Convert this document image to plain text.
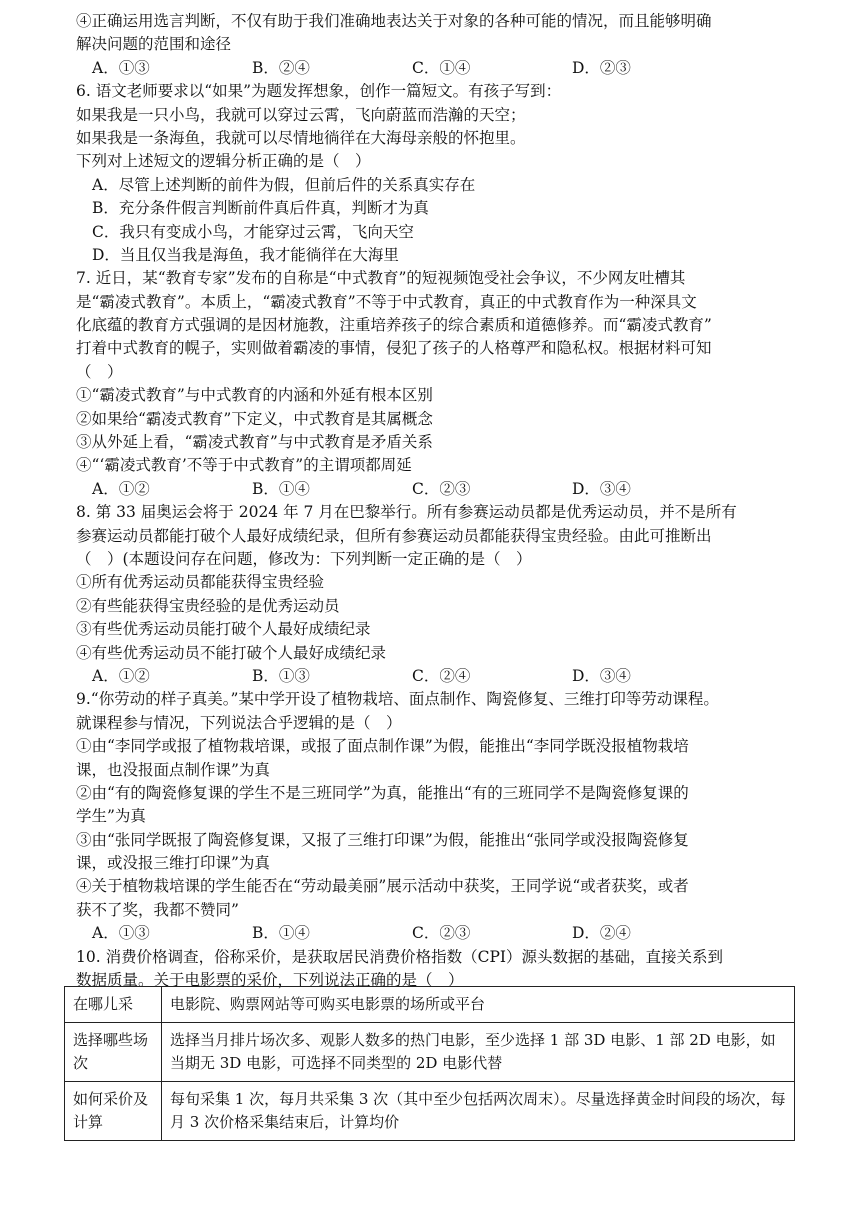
④正确运用选言判断，不仅有助于我们准确地表达关于对象的各种可能的情况，而且能够明确
解决问题的范围和途径
A．①③	B．②④	C．①④	D．②③
6. 语文老师要求以“如果”为题发挥想象，创作一篇短文。有孩子写到：
如果我是一只小鸟，我就可以穿过云霄，飞向蔚蓝而浩瀚的天空；
如果我是一条海鱼，我就可以尽情地徜徉在大海母亲般的怀抱里。
下列对上述短文的逻辑分析正确的是（　）
A．尽管上述判断的前件为假，但前后件的关系真实存在
B．充分条件假言判断前件真后件真，判断才为真
C．我只有变成小鸟，才能穿过云霄，飞向天空
D．当且仅当我是海鱼，我才能徜徉在大海里
7. 近日，某“教育专家”发布的自称是“中式教育”的短视频饱受社会争议，不少网友吐槽其
是“霸凌式教育”。本质上，“霸凌式教育”不等于中式教育，真正的中式教育作为一种深具文
化底蕴的教育方式强调的是因材施教，注重培养孩子的综合素质和道德修养。而“霸凌式教育”
打着中式教育的幌子，实则做着霸凌的事情，侵犯了孩子的人格尊严和隐私权。根据材料可知
（　）
①“霸凌式教育”与中式教育的内涵和外延有根本区别
②如果给“霸凌式教育”下定义，中式教育是其属概念
③从外延上看，“霸凌式教育”与中式教育是矛盾关系
④“‘霸凌式教育’不等于中式教育”的主谓项都周延
A．①②	B．①④	C．②③	D．③④
8. 第 33 届奥运会将于 2024 年 7 月在巴黎举行。所有参赛运动员都是优秀运动员，并不是所有
参赛运动员都能打破个人最好成绩纪录，但所有参赛运动员都能获得宝贵经验。由此可推断出
（　）(本题设问存在问题，修改为：下列判断一定正确的是（　）
①所有优秀运动员都能获得宝贵经验
②有些能获得宝贵经验的是优秀运动员
③有些优秀运动员能打破个人最好成绩纪录
④有些优秀运动员不能打破个人最好成绩纪录
A．①②	B．①③	C．②④	D．③④
9.“你劳动的样子真美。”某中学开设了植物栽培、面点制作、陶瓷修复、三维打印等劳动课程。
就课程参与情况，下列说法合乎逻辑的是（　）
①由“李同学或报了植物栽培课，或报了面点制作课”为假，能推出“李同学既没报植物栽培
课，也没报面点制作课”为真
②由“有的陶瓷修复课的学生不是三班同学”为真，能推出“有的三班同学不是陶瓷修复课的
学生”为真
③由“张同学既报了陶瓷修复课，又报了三维打印课”为假，能推出“张同学或没报陶瓷修复
课，或没报三维打印课”为真
④关于植物栽培课的学生能否在“劳动最美丽”展示活动中获奖，王同学说“或者获奖，或者
获不了奖，我都不赞同”
A．①③	B．①④	C．②③	D．②④
10. 消费价格调查，俗称采价，是获取居民消费价格指数（CPI）源头数据的基础，直接关系到
数据质量。关于电影票的采价，下列说法正确的是（　）
在哪儿采	电影院、购票网站等可购买电影票的场所或平台
选择哪些场次	选择当月排片场次多、观影人数多的热门电影，至少选择 1 部 3D 电影、1 部 2D 电影，如当期无 3D 电影，可选择不同类型的 2D 电影代替
如何采价及计算	每旬采集 1 次，每月共采集 3 次（其中至少包括两次周末）。尽量选择黄金时间段的场次，每月 3 次价格采集结束后，计算均价
